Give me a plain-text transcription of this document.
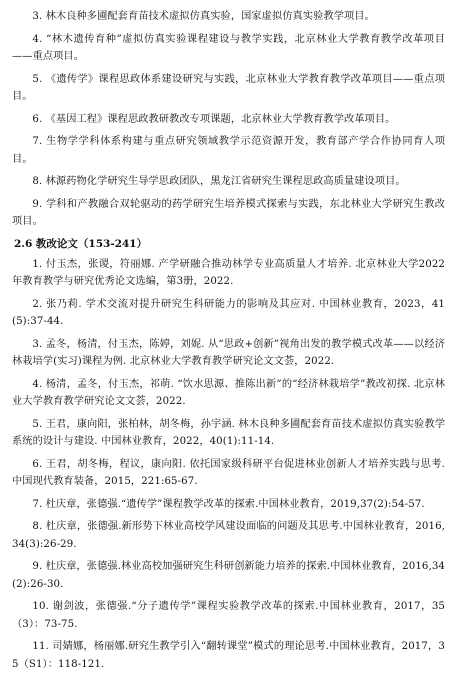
3. 林木良种多圃配套育苗技术虚拟仿真实验，国家虚拟仿真实验教学项目。

4. “林木遗传育种”虚拟仿真实验课程建设与教学实践，北京林业大学教育教学改革项目——重点项目。

5. 《遗传学》课程思政体系建设研究与实践，北京林业大学教育教学改革项目——重点项目。

6. 《基因工程》课程思政教研教改专项课题，北京林业大学教育教学改革项目。

7. 生物学学科体系构建与重点研究领域教学示范资源开发，教育部产学合作协同育人项目。

8. 林源药物化学研究生导学思政团队，黑龙江省研究生课程思政高质量建设项目。

9. 学科和产教融合双轮驱动的药学研究生培养模式探索与实践，东北林业大学研究生教改项目。

2.6 教改论文（153-241）

1. 付玉杰，张谡，符丽娜. 产学研融合推动林学专业高质量人才培养. 北京林业大学2022年教育教学与研究优秀论文选编，第3册，2022.

2. 张乃莉. 学术交流对提升研究生科研能力的影响及其应对. 中国林业教育，2023，41(5):37-44.

3. 孟冬，杨清，付玉杰，陈婷，刘妮. 从“思政+创新”视角出发的教学模式改革——以经济林栽培学(实习)课程为例. 北京林业大学教育教学研究论文文荟，2022.

4. 杨清，孟冬，付玉杰，祁萌. “饮水思源、推陈出新”的“经济林栽培学”教改初探. 北京林业大学教育教学研究论文文荟，2022.

5. 王君，康向阳，张柏林，胡冬梅，孙宇涵. 林木良种多圃配套育苗技术虚拟仿真实验教学系统的设计与建设. 中国林业教育，2022，40(1):11-14.

6. 王君，胡冬梅，程议，康向阳. 依托国家级科研平台促进林业创新人才培养实践与思考. 中国现代教育装备，2015，221:65-67.

7. 杜庆章，张德强.“遗传学”课程教学改革的探索.中国林业教育，2019,37(2):54-57.

8. 杜庆章，张德强.新形势下林业高校学风建设面临的问题及其思考.中国林业教育，2016,34(3):26-29.

9. 杜庆章，张德强.林业高校加强研究生科研创新能力培养的探索.中国林业教育，2016,34(2):26-30.

10. 谢剑波，张德强.“分子遗传学”课程实验教学改革的探索.中国林业教育，2017，35（3）：73-75.

11. 司婧娜，杨丽娜.研究生教学引入“翻转课堂”模式的理论思考.中国林业教育，2017，35（S1）：118-121.
